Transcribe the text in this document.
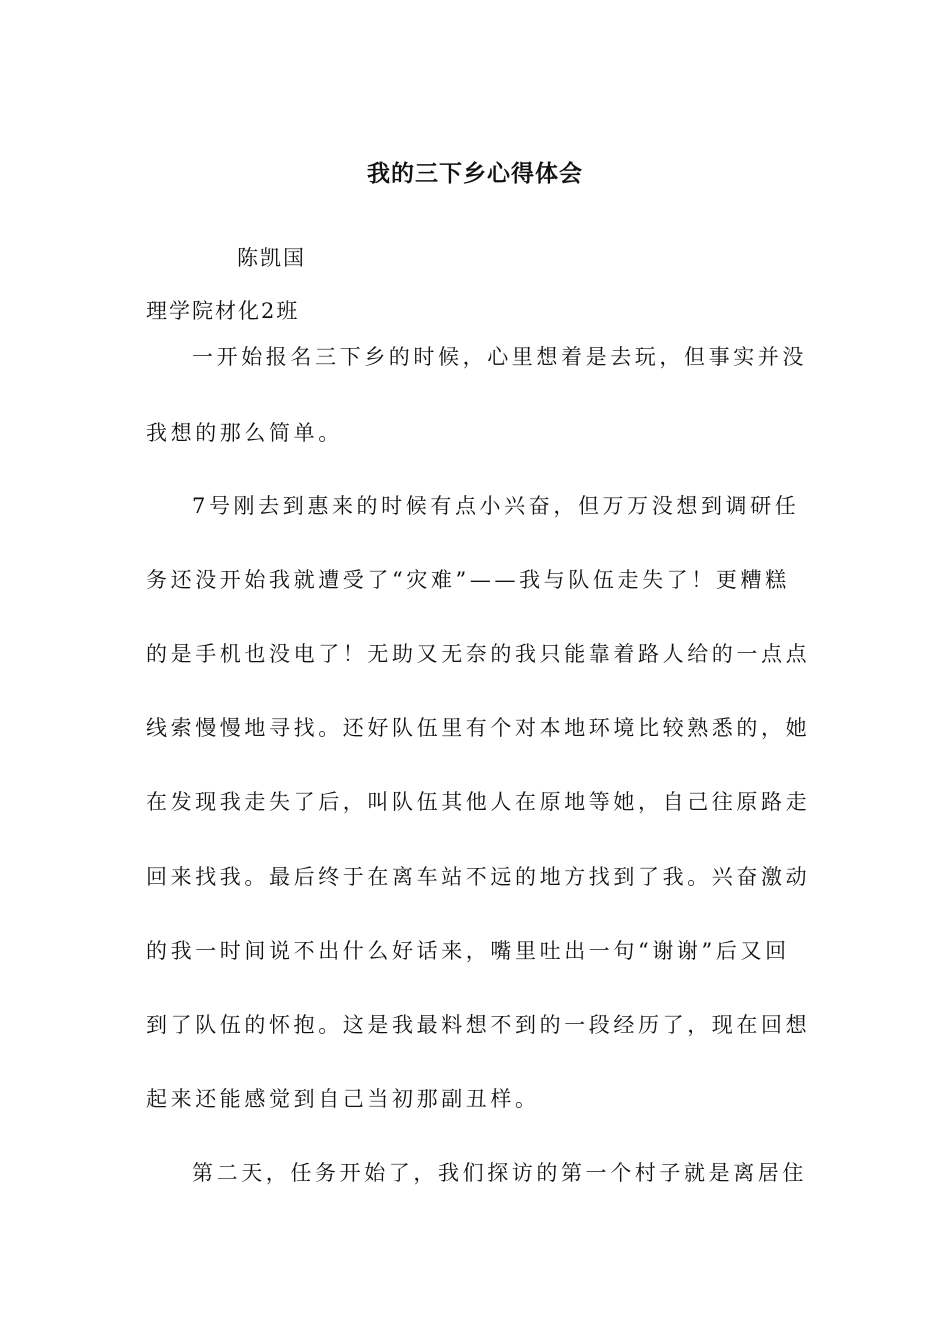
我的三下乡心得体会
陈凯国
理学院材化2班
一开始报名三下乡的时候，心里想着是去玩，但事实并没
我想的那么简单。
7号刚去到惠来的时候有点小兴奋，但万万没想到调研任
务还没开始我就遭受了“灾难”——我与队伍走失了！更糟糕
的是手机也没电了！无助又无奈的我只能靠着路人给的一点点
线索慢慢地寻找。还好队伍里有个对本地环境比较熟悉的，她
在发现我走失了后，叫队伍其他人在原地等她，自己往原路走
回来找我。最后终于在离车站不远的地方找到了我。兴奋激动
的我一时间说不出什么好话来，嘴里吐出一句“谢谢”后又回
到了队伍的怀抱。这是我最料想不到的一段经历了，现在回想
起来还能感觉到自己当初那副丑样。
第二天，任务开始了，我们探访的第一个村子就是离居住
